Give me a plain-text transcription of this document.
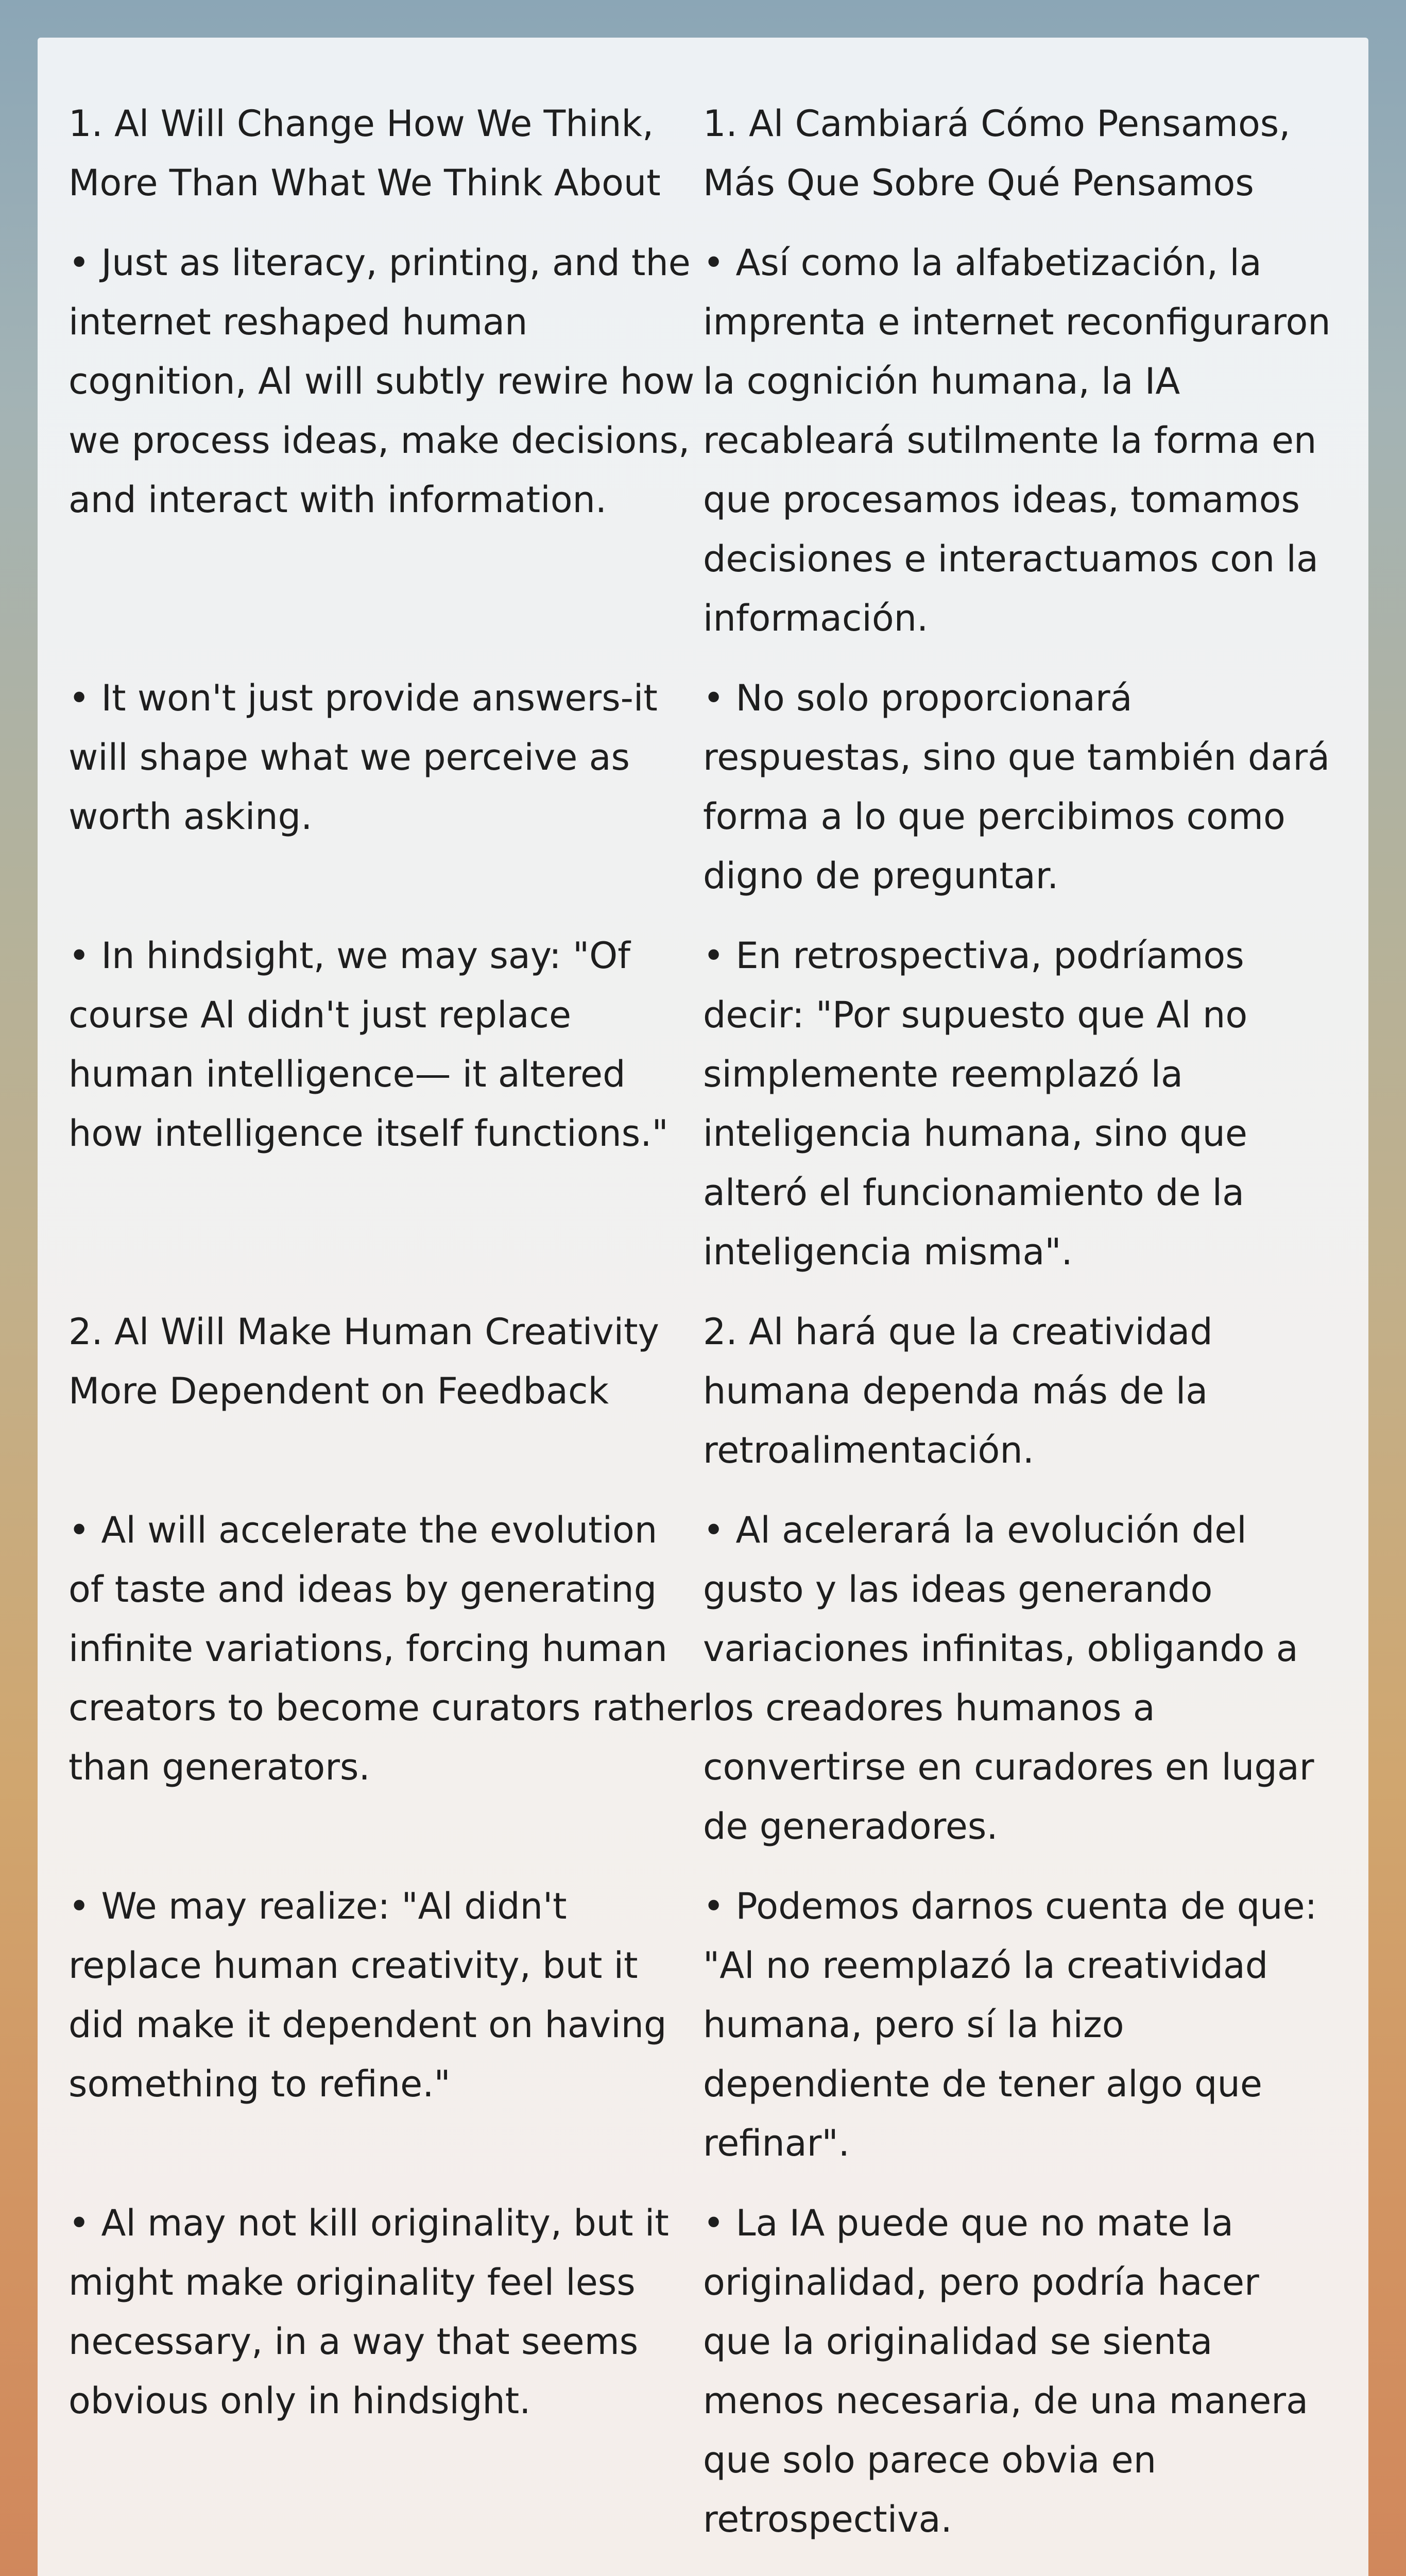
1. Al Will Change How We Think, More Than What We Think About
1. Al Cambiará Cómo Pensamos, Más Que Sobre Qué Pensamos
• Just as literacy, printing, and the internet reshaped human cognition, Al will subtly rewire how we process ideas, make decisions, and interact with information.
• Así como la alfabetización, la imprenta e internet reconfiguraron la cognición humana, la IA recableará sutilmente la forma en que procesamos ideas, tomamos decisiones e interactuamos con la información.
• It won't just provide answers-it will shape what we perceive as worth asking.
• No solo proporcionará respuestas, sino que también dará forma a lo que percibimos como digno de preguntar.
• In hindsight, we may say: "Of course Al didn't just replace human intelligence— it altered how intelligence itself functions."
• En retrospectiva, podríamos decir: "Por supuesto que Al no simplemente reemplazó la inteligencia humana, sino que alteró el funcionamiento de la inteligencia misma".
2. Al Will Make Human Creativity More Dependent on Feedback
2. Al hará que la creatividad humana dependa más de la retroalimentación.
• Al will accelerate the evolution of taste and ideas by generating infinite variations, forcing human creators to become curators rather than generators.
• Al acelerará la evolución del gusto y las ideas generando variaciones infinitas, obligando a los creadores humanos a convertirse en curadores en lugar de generadores.
• We may realize: "Al didn't replace human creativity, but it did make it dependent on having something to refine."
• Podemos darnos cuenta de que: "Al no reemplazó la creatividad humana, pero sí la hizo dependiente de tener algo que refinar".
• Al may not kill originality, but it might make originality feel less necessary, in a way that seems obvious only in hindsight.
• La IA puede que no mate la originalidad, pero podría hacer que la originalidad se sienta menos necesaria, de una manera que solo parece obvia en retrospectiva.
